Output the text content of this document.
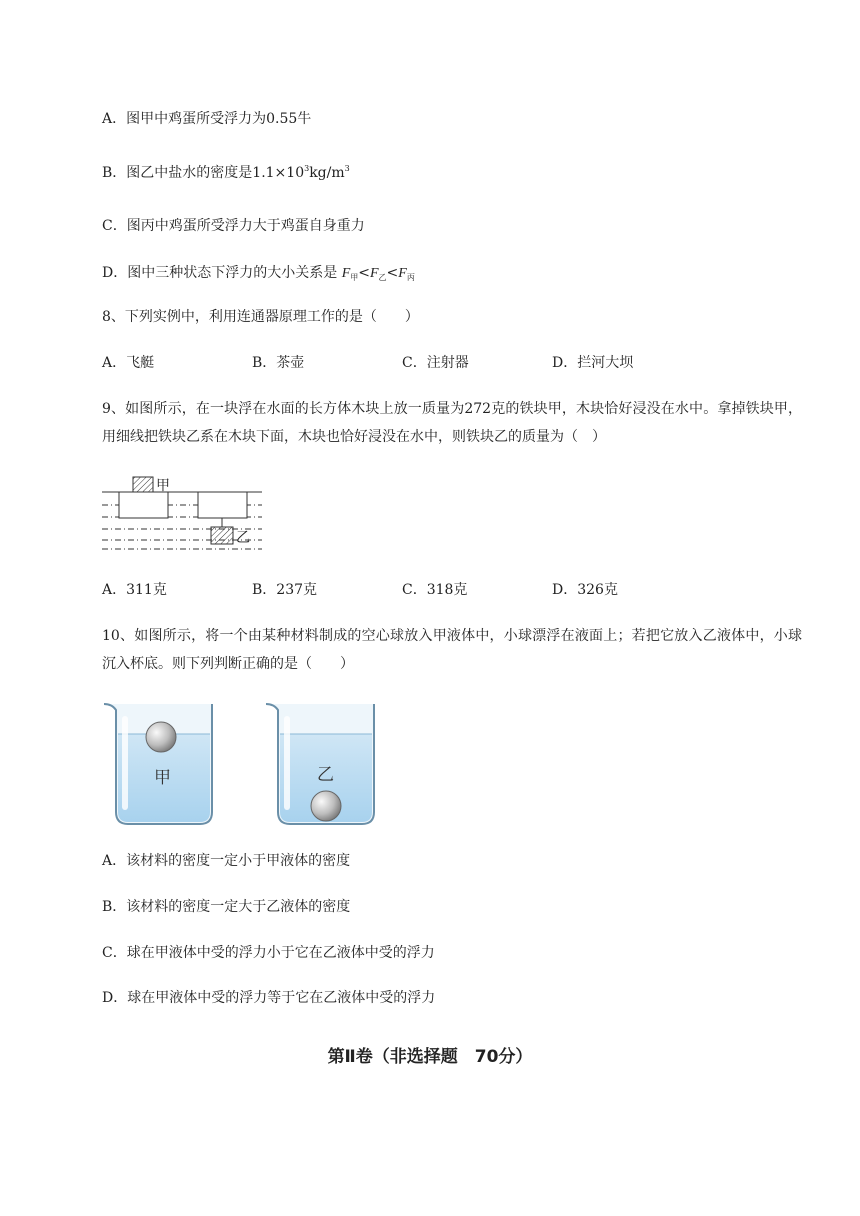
A．图甲中鸡蛋所受浮力为0.55牛
B．图乙中盐水的密度是$1.1\times 10^3kg/m^3$
C．图丙中鸡蛋所受浮力大于鸡蛋自身重力
D．图中三种状态下浮力的大小关系是 $F_甲<F_乙<F_丙$
8、下列实例中，利用连通器原理工作的是（　　）
A．飞艇	B．茶壶	C．注射器	D．拦河大坝
9、如图所示，在一块浮在水面的长方体木块上放一质量为272克的铁块甲，木块恰好浸没在水中。拿掉铁块甲，用细线把铁块乙系在木块下面，木块也恰好浸没在水中，则铁块乙的质量为（　）
甲
乙
A．311克	B．237克	C．318克	D．326克
10、如图所示，将一个由某种材料制成的空心球放入甲液体中，小球漂浮在液面上；若把它放入乙液体中，小球沉入杯底。则下列判断正确的是（　　）
甲	乙
A．该材料的密度一定小于甲液体的密度
B．该材料的密度一定大于乙液体的密度
C．球在甲液体中受的浮力小于它在乙液体中受的浮力
D．球在甲液体中受的浮力等于它在乙液体中受的浮力
第Ⅱ卷（非选择题　70分）
